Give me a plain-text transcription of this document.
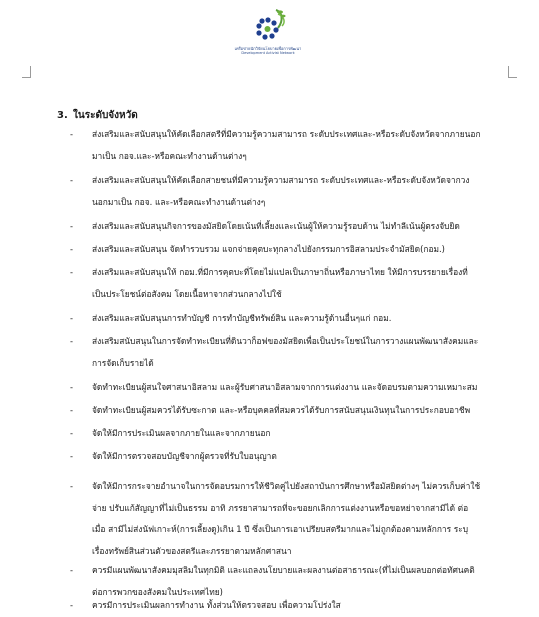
เครือข่ายนักวิจัยนโยบายเพื่อการพัฒนา
Development Activist Network
3. ในระดับจังหวัด
-	ส่งเสริมและสนับสนุนให้คัดเลือกสตรีที่มีความรู้ความสามารถ ระดับประเทศและ-หรือระดับจังหวัดจากภายนอก
มาเป็น กอจ.และ-หรือคณะทำงานด้านต่างๆ
-	ส่งเสริมและสนับสนุนให้คัดเลือกสายชนที่มีความรู้ความสามารถ ระดับประเทศและ-หรือระดับจังหวัดจากวง
นอกมาเป็น กอจ. และ-หรือคณะทำงานด้านต่างๆ
-	ส่งเสริมและสนับสนุนกิจการของมัสยิดโดยเน้นที่เลี้ยงและเน้นผู้ให้ความรู้รอบด้าน ไม่ทำลีเน้นผู้ตรงจับยิด
-	ส่งเสริมและสนับสนุน จัดทำรวบรวม แจกจ่ายคุตบะทุกลางไปยังกรรมการอิสลามประจำมัสยิด(กอม.)
-	ส่งเสริมและสนับสนุนให้ กอม.ที่มีการคุตบะที่โดยไม่แปลเป็นภาษาถิ่นหรือภาษาไทย ให้มีการบรรยายเรื่องที่
เป็นประโยชน์ต่อสังคม โดยเนื้อหาจากส่วนกลางไปใช้
-	ส่งเสริมและสนับสนุนการทำบัญชี การทำบัญชีทรัพย์สิน และความรู้ด้านอื่นๆแก่ กอม.
-	ส่งเสริมสนับสนุนในการจัดทำทะเบียนที่ดินวาก็อฟของมัสยิดเพื่อเป็นประโยชน์ในการวางแผนพัฒนาสังคมและ
การจัดเก็บรายได้
-	จัดทำทะเบียนผู้สนใจศาสนาอิสลาม และผู้รับศาสนาอิสลามจากการแต่งงาน และจัดอบรมตามความเหมาะสม
-	จัดทำทะเบียนผู้สมควรได้รับซะกาต และ-หรือบุคคลที่สมควรได้รับการสนับสนุนเงินทุนในการประกอบอาชีพ
-	จัดให้มีการประเมินผลจากภายในและจากภายนอก
-	จัดให้มีการตรวจสอบบัญชีจากผู้ตรวจที่รับใบอนุญาต
-	จัดให้มีการกระจายอำนาจในการจัดอบรมการให้ชีวิตคู่ไปยังสถาบันการศึกษาหรือมัสยิดต่างๆ ไม่ควรเก็บค่าใช้
จ่าย ปรับแก้สัญญาที่ไม่เป็นธรรม อาทิ ภรรยาสามารถที่จะขอยกเลิกการแต่งงานหรือขอหย่าจากสามีได้ ต่อ
เมื่อ สามีไม่ส่งนัฟเกาะห์(การเลี้ยงดู)เกิน 1 ปี ซึ่งเป็นการเอาเปรียบสตรีมากและไม่ถูกต้องตามหลักการ ระบุ
เรื่องทรัพย์สินส่วนตัวของสตรีและภรรยาตามหลักศาสนา
-	ควรมีแผนพัฒนาสังคมมุสลิมในทุกมิติ และแถลงนโยบายและผลงานต่อสาธารณะ(ที่ไม่เป็นผลบอกต่อทัศนคติ
ต่อการพวกของสังคมในประเทศไทย)
-	ควรมีการประเมินผลการทำงาน ทั้งส่วนให้ตรวจสอบ เพื่อความโปร่งใส
